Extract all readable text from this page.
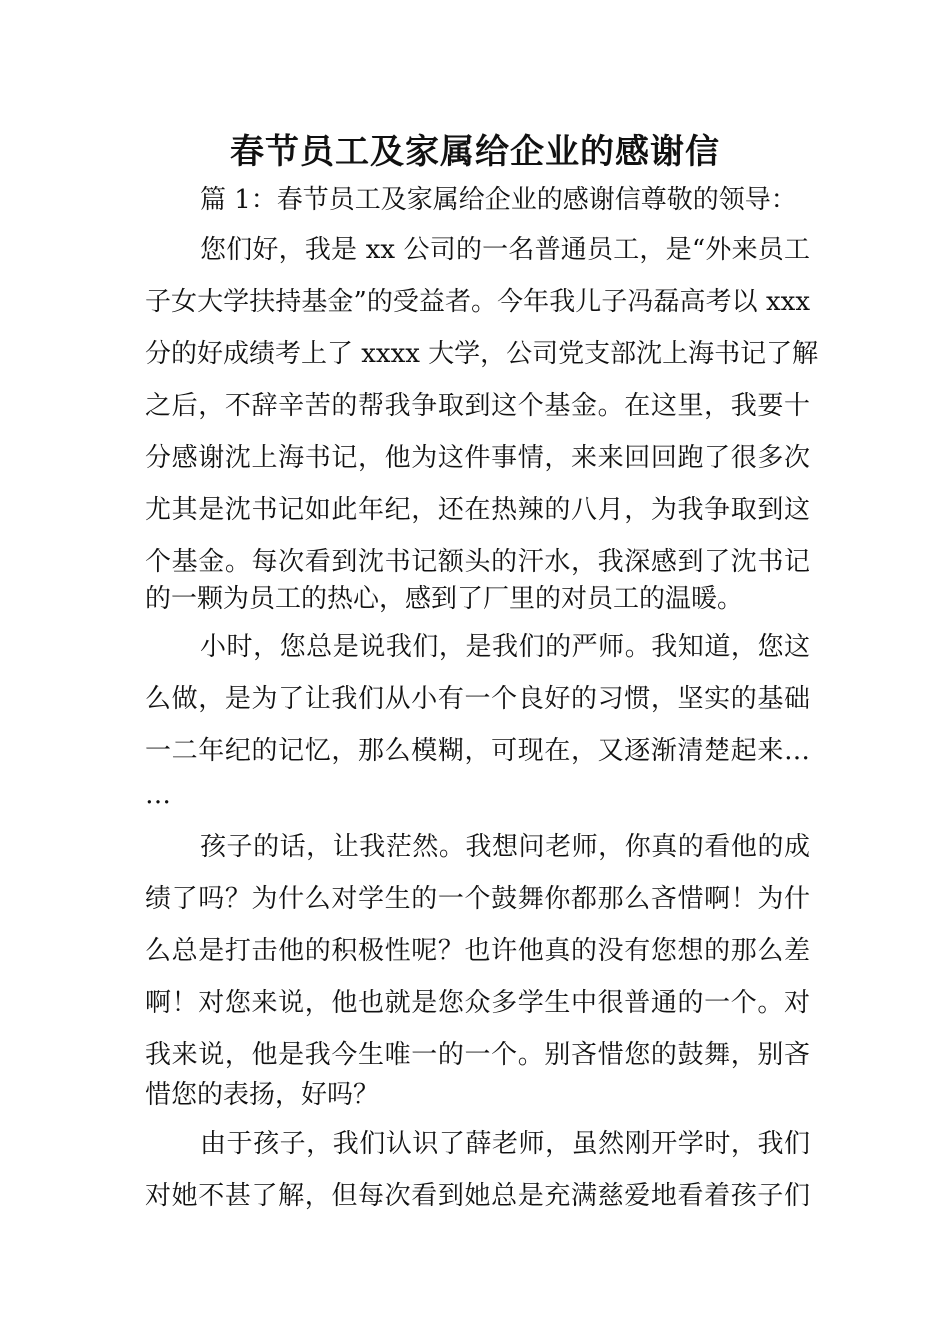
春节员工及家属给企业的感谢信

篇 1：春节员工及家属给企业的感谢信尊敬的领导：

您们好，我是 xx 公司的一名普通员工，是“外来员工

子女大学扶持基金”的受益者。今年我儿子冯磊高考以 xxx

分的好成绩考上了 xxxx 大学，公司党支部沈上海书记了解

之后，不辞辛苦的帮我争取到这个基金。在这里，我要十

分感谢沈上海书记，他为这件事情，来来回回跑了很多次

尤其是沈书记如此年纪，还在热辣的八月，为我争取到这

个基金。每次看到沈书记额头的汗水，我深感到了沈书记

的一颗为员工的热心，感到了厂里的对员工的温暖。

小时，您总是说我们，是我们的严师。我知道，您这

么做，是为了让我们从小有一个良好的习惯，坚实的基础

一二年纪的记忆，那么模糊，可现在，又逐渐清楚起来…

…

孩子的话，让我茫然。我想问老师，你真的看他的成

绩了吗？为什么对学生的一个鼓舞你都那么吝惜啊！为什

么总是打击他的积极性呢？也许他真的没有您想的那么差

啊！对您来说，他也就是您众多学生中很普通的一个。对

我来说，他是我今生唯一的一个。别吝惜您的鼓舞，别吝

惜您的表扬，好吗？

由于孩子，我们认识了薛老师，虽然刚开学时，我们

对她不甚了解，但每次看到她总是充满慈爱地看着孩子们
